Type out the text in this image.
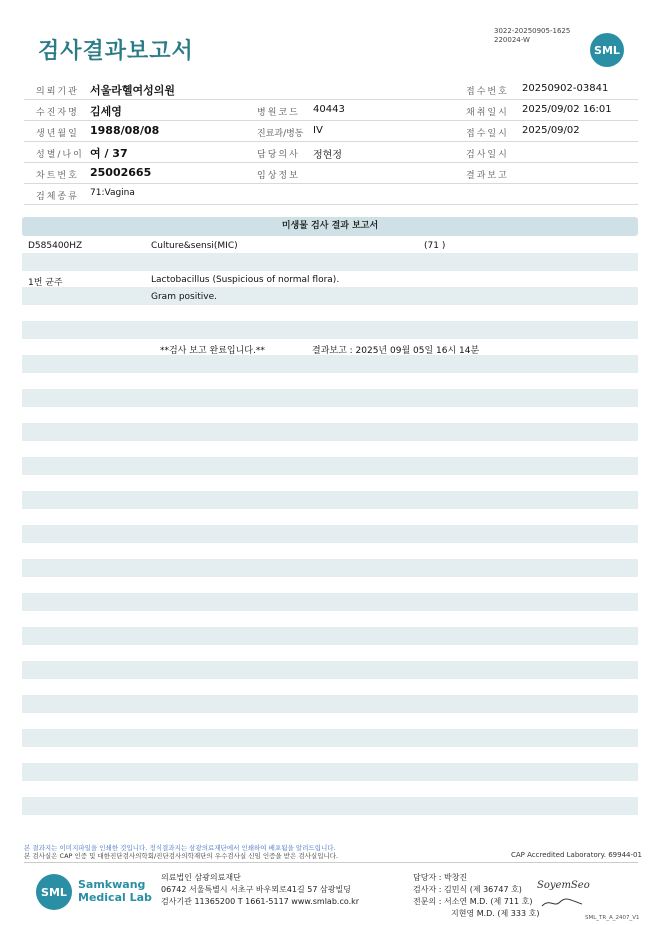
검사결과보고서
3022-20250905-1625
220024-W
SML
의뢰기관 서울라헬여성의원	접수번호 20250902-03841
수진자명 김세영	병원코드 40443	채취일시 2025/09/02 16:01
생년월일 1988/08/08	진료과/병동 IV	접수일시 2025/09/02
성별/나이 여 / 37	담당의사 정현정	검사일시
차트번호 25002665	임상정보	결과보고
검체종류 71:Vagina
미생물 검사 결과 보고서
D585400HZ	Culture&sensi(MIC)	(71 )
1번 균주	Lactobacillus (Suspicious of normal flora).
Gram positive.
**검사 보고 완료입니다.**	결과보고 : 2025년 09월 05일 16시 14분
본 결과지는 이미지파일을 인쇄한 것입니다. 정식결과지는 삼광의료재단에서 인쇄하여 배포됨을 알려드립니다.
본 검사실은 CAP 인증 및 대한진단검사의학회/진단검사의학재단의 우수검사실 신임 인증을 받은 검사실입니다.	CAP Accredited Laboratory. 69944-01
SML
Samkwang
Medical Lab
의료법인 삼광의료재단
06742 서울특별시 서초구 바우뫼로41길 57 삼광빌딩
검사기관 11365200 T 1661-5117 www.smlab.co.kr
담당자 : 박창진
검사자 : 김민식 (제 36747 호)
전문의 : 서소연 M.D. (제 711 호)
지현영 M.D. (제 333 호)
SoyemSeo
SML_TR_A_2407_V1
